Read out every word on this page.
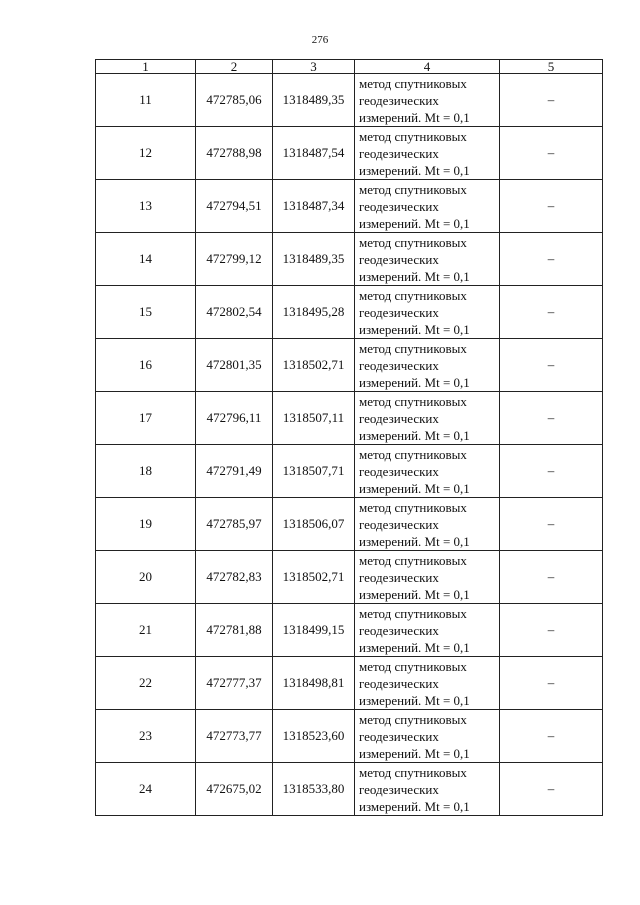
276
1	2	3	4	5
11	472785,06	1318489,35	метод спутниковых
геодезических
измерений. Mt = 0,1	–
12	472788,98	1318487,54	метод спутниковых
геодезических
измерений. Mt = 0,1	–
13	472794,51	1318487,34	метод спутниковых
геодезических
измерений. Mt = 0,1	–
14	472799,12	1318489,35	метод спутниковых
геодезических
измерений. Mt = 0,1	–
15	472802,54	1318495,28	метод спутниковых
геодезических
измерений. Mt = 0,1	–
16	472801,35	1318502,71	метод спутниковых
геодезических
измерений. Mt = 0,1	–
17	472796,11	1318507,11	метод спутниковых
геодезических
измерений. Mt = 0,1	–
18	472791,49	1318507,71	метод спутниковых
геодезических
измерений. Mt = 0,1	–
19	472785,97	1318506,07	метод спутниковых
геодезических
измерений. Mt = 0,1	–
20	472782,83	1318502,71	метод спутниковых
геодезических
измерений. Mt = 0,1	–
21	472781,88	1318499,15	метод спутниковых
геодезических
измерений. Mt = 0,1	–
22	472777,37	1318498,81	метод спутниковых
геодезических
измерений. Mt = 0,1	–
23	472773,77	1318523,60	метод спутниковых
геодезических
измерений. Mt = 0,1	–
24	472675,02	1318533,80	метод спутниковых
геодезических
измерений. Mt = 0,1	–
